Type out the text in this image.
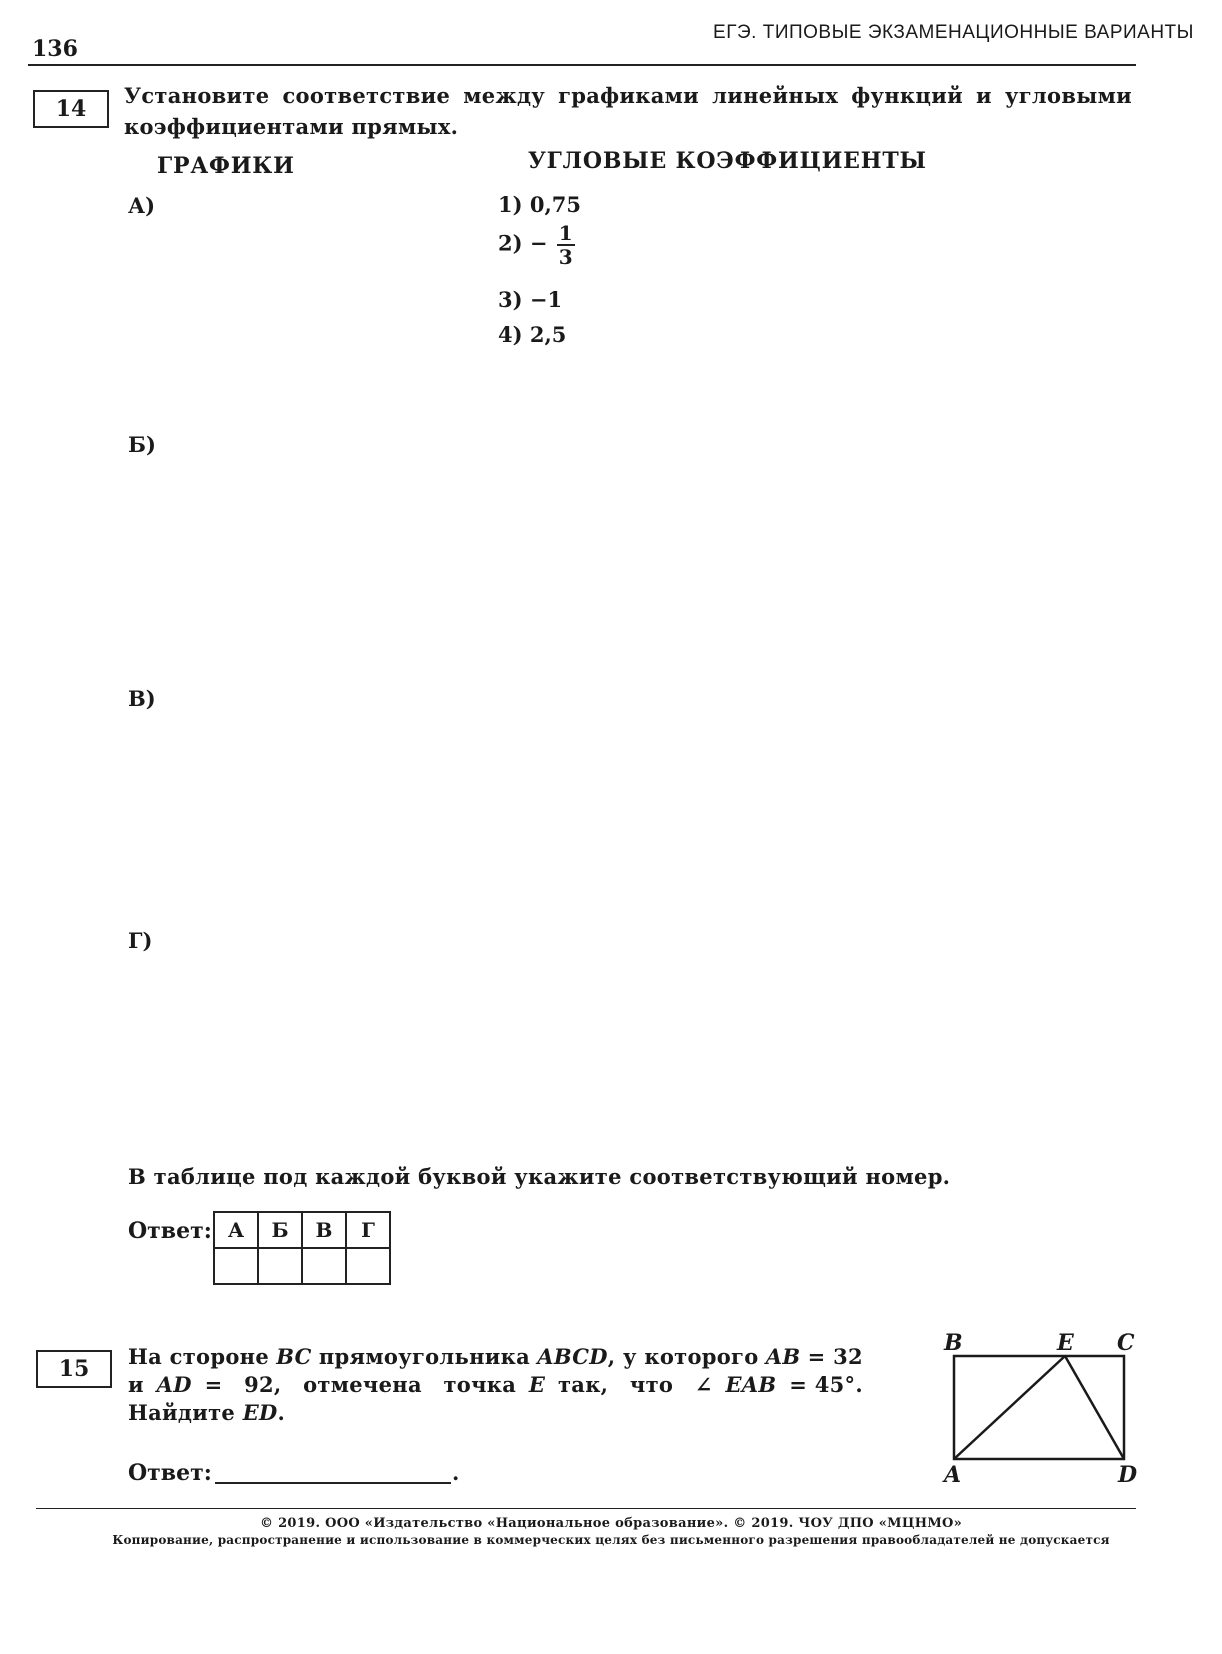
136
ЕГЭ. ТИПОВЫЕ ЭКЗАМЕНАЦИОННЫЕ ВАРИАНТЫ
14
Установите соответствие между графиками линейных функций и угловыми коэффициентами прямых.
ГРАФИКИ	УГЛОВЫЕ КОЭФФИЦИЕНТЫ
1) 0,75
$2) - \frac{1}{3}$
3) −1
4) 2,5
А)
Б)
В)
Г)
В таблице под каждой буквой укажите соответствующий номер.
Ответ: А	Б	В	Г

15	На стороне BC прямоугольника ABCD, у которого AB = 32
и AD = 92, отмечена точка E так, что ∠ EAB = 45°.
Найдите ED.
Ответ:	.
B	E C
A	D
© 2019. ООО «Издательство «Национальное образование». © 2019. ЧОУ ДПО «МЦНМО»
Копирование, распространение и использование в коммерческих целях без письменного разрешения правообладателей не допускается
